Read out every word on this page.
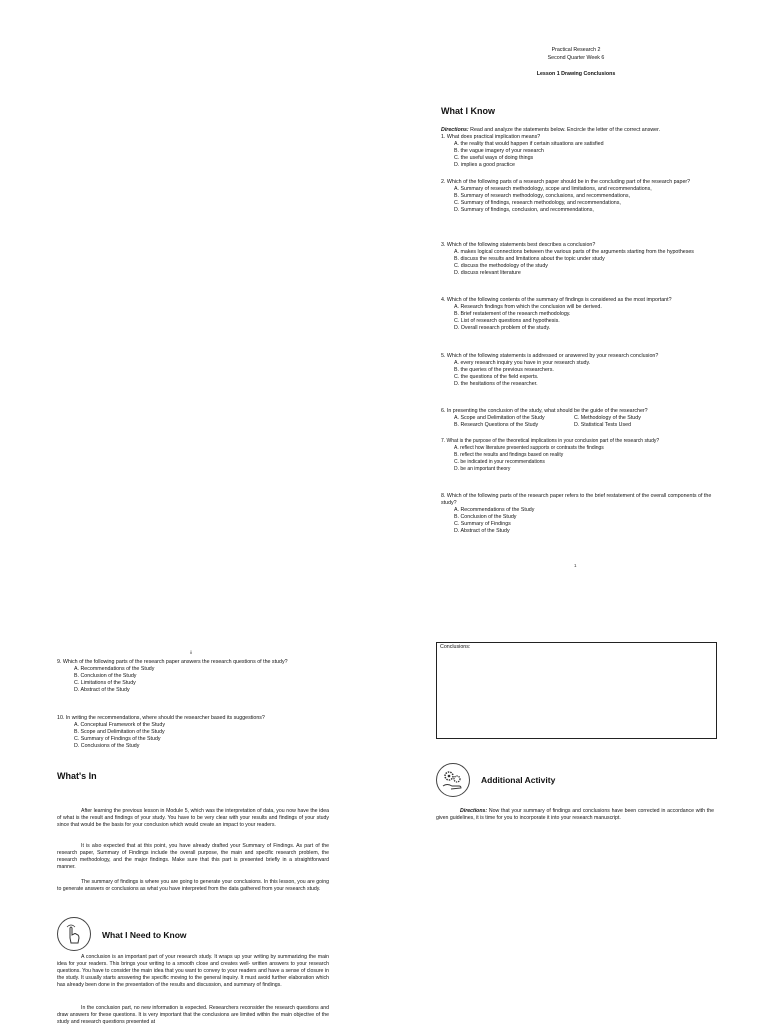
Practical Research 2
Second Quarter Week 6
Lesson 1 Drawing Conclusions
What I Know
Directions: Read and analyze the statements below. Encircle the letter of the correct answer.
1. What does practical implication means?
A. the reality that would happen if certain situations are satisfied
B. the vague imagery of your research
C. the useful ways of doing things
D. implies a good practice
2. Which of the following parts of a research paper should be in the concluding part of the research paper?
A. Summary of research methodology, scope and limitations, and recommendations,
B. Summary of research methodology, conclusions, and recommendations,
C. Summary of findings, research methodology, and recommendations,
D. Summary of findings, conclusion, and recommendations,
3. Which of the following statements best describes a conclusion?
A. makes logical connections between the various parts of the arguments starting from the hypotheses
B. discuss the results and limitations about the topic under study
C. discuss the methodology of the study
D. discuss relevant literature
4. Which of the following contents of the summary of findings is considered as the most important?
A. Research findings from which the conclusion will be derived.
B. Brief restatement of the research methodology.
C. List of research questions and hypothesis.
D. Overall research problem of the study.
5. Which of the following statements is addressed or answered by your research conclusion?
A. every research inquiry you have in your research study.
B. the queries of the previous researchers.
C. the questions of the field experts.
D. the hesitations of the researcher.
6. In presenting the conclusion of the study, what should be the guide of the researcher?
A. Scope and Delimitation of the Study	C. Methodology of the Study
B. Research Questions of the Study	D. Statistical Tests Used
7. What is the purpose of the theoretical implications in your conclusion part of the research study?
A. reflect how literature presented supports or contrasts the findings
B. reflect the results and findings based on reality
C. be indicated in your recommendations
D. be an important theory
8. Which of the following parts of the research paper refers to the brief restatement of the overall components of the study?
A. Recommendations of the Study
B. Conclusion of the Study
C. Summary of Findings
D. Abstract of the Study
1
ii
9. Which of the following parts of the research paper answers the research questions of the study?
A. Recommendations of the Study
B. Conclusion of the Study
C. Limitations of the Study
D. Abstract of the Study
10. In writing the recommendations, where should the researcher based its suggestions?
A. Conceptual Framework of the Study
B. Scope and Delimitation of the Study
C. Summary of Findings of the Study
D. Conclusions of the Study
What's In
After learning the previous lesson in Module 5, which was the interpretation of data, you now have the idea of what is the result and findings of your study. You have to be very clear with your results and findings of your study since that would be the basis for your conclusion which would create an impact to your readers.
It is also expected that at this point, you have already drafted your Summary of Findings. As part of the research paper, Summary of Findings include the overall purpose, the main and specific research problem, the research methodology, and the major findings. Make sure that this part is presented briefly in a straightforward manner.
The summary of findings is where you are going to generate your conclusions. In this lesson, you are going to generate answers or conclusions as what you have interpreted from the data gathered from your research study.
What I Need to Know
A conclusion is an important part of your research study. It wraps up your writing by summarizing the main idea for your readers. This brings your writing to a smooth close and creates well- written answers to your research questions. You have to consider the main idea that you want to convey to your readers and have a sense of closure in the study. It usually starts answering the specific moving to the general inquiry. It must avoid further elaboration which has already been done in the presentation of the results and discussion, and summary of findings.
In the conclusion part, no new information is expected. Researchers reconsider the research questions and draw answers for these questions. It is very important that the conclusions are limited within the main objective of the study and research questions presented at
Conclusions:
Additional Activity
Directions: Now that your summary of findings and conclusions have been corrected in accordance with the given guidelines, it is time for you to incorporate it into your research manuscript.
